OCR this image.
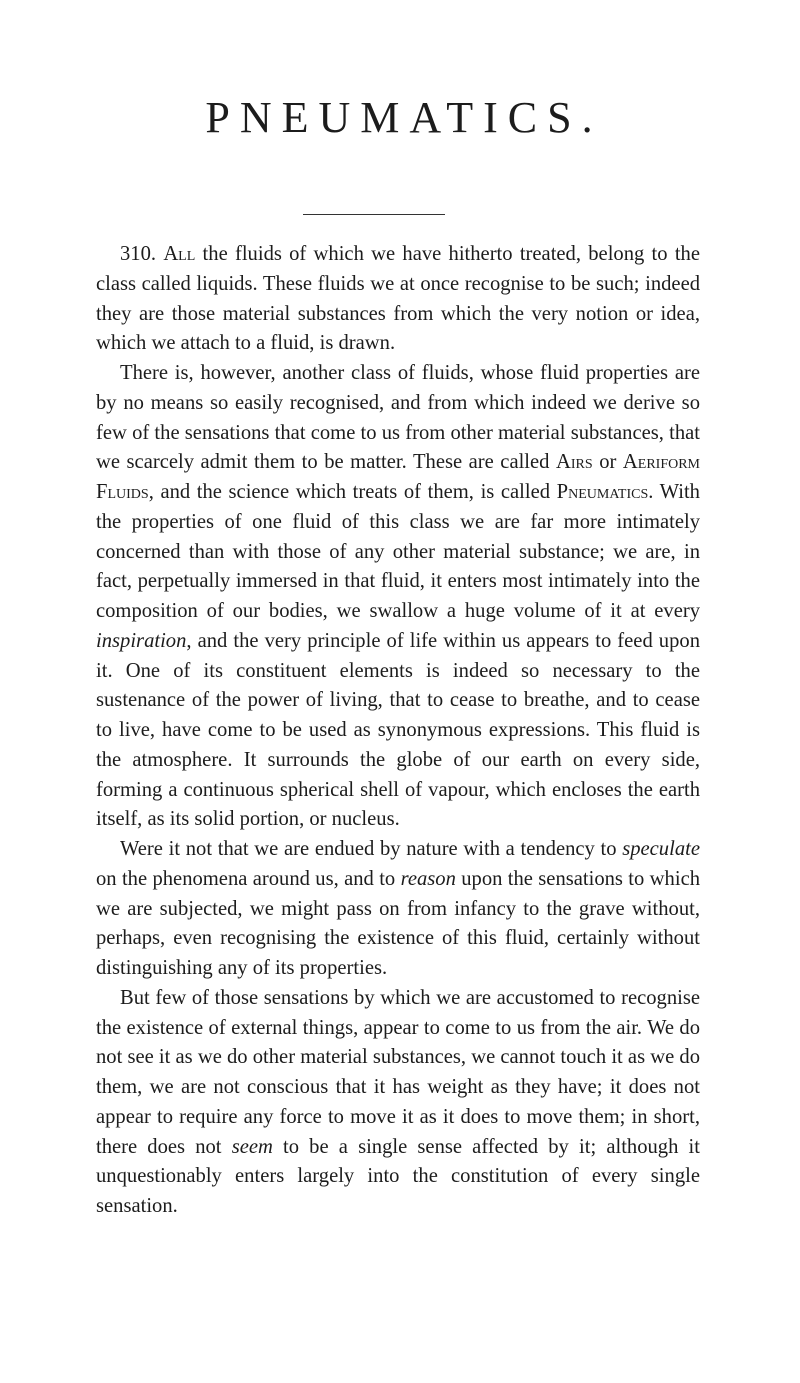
PNEUMATICS.

310. All the fluids of which we have hitherto treated, belong to the class called liquids. These fluids we at once recognise to be such; indeed they are those material substances from which the very notion or idea, which we attach to a fluid, is drawn.

There is, however, another class of fluids, whose fluid properties are by no means so easily recognised, and from which indeed we derive so few of the sensations that come to us from other material substances, that we scarcely admit them to be matter. These are called Airs or Aeriform Fluids, and the science which treats of them, is called Pneumatics. With the properties of one fluid of this class we are far more intimately concerned than with those of any other material substance; we are, in fact, perpetually immersed in that fluid, it enters most intimately into the composition of our bodies, we swallow a huge volume of it at every inspiration, and the very principle of life within us appears to feed upon it. One of its constituent elements is indeed so necessary to the sustenance of the power of living, that to cease to breathe, and to cease to live, have come to be used as synonymous expressions. This fluid is the atmosphere. It surrounds the globe of our earth on every side, forming a continuous spherical shell of vapour, which encloses the earth itself, as its solid portion, or nucleus.

Were it not that we are endued by nature with a tendency to speculate on the phenomena around us, and to reason upon the sensations to which we are subjected, we might pass on from infancy to the grave without, perhaps, even recognising the existence of this fluid, certainly without distinguishing any of its properties.

But few of those sensations by which we are accustomed to recognise the existence of external things, appear to come to us from the air. We do not see it as we do other material substances, we cannot touch it as we do them, we are not conscious that it has weight as they have; it does not appear to require any force to move it as it does to move them; in short, there does not seem to be a single sense affected by it; although it unquestionably enters largely into the constitution of every single sensation.
